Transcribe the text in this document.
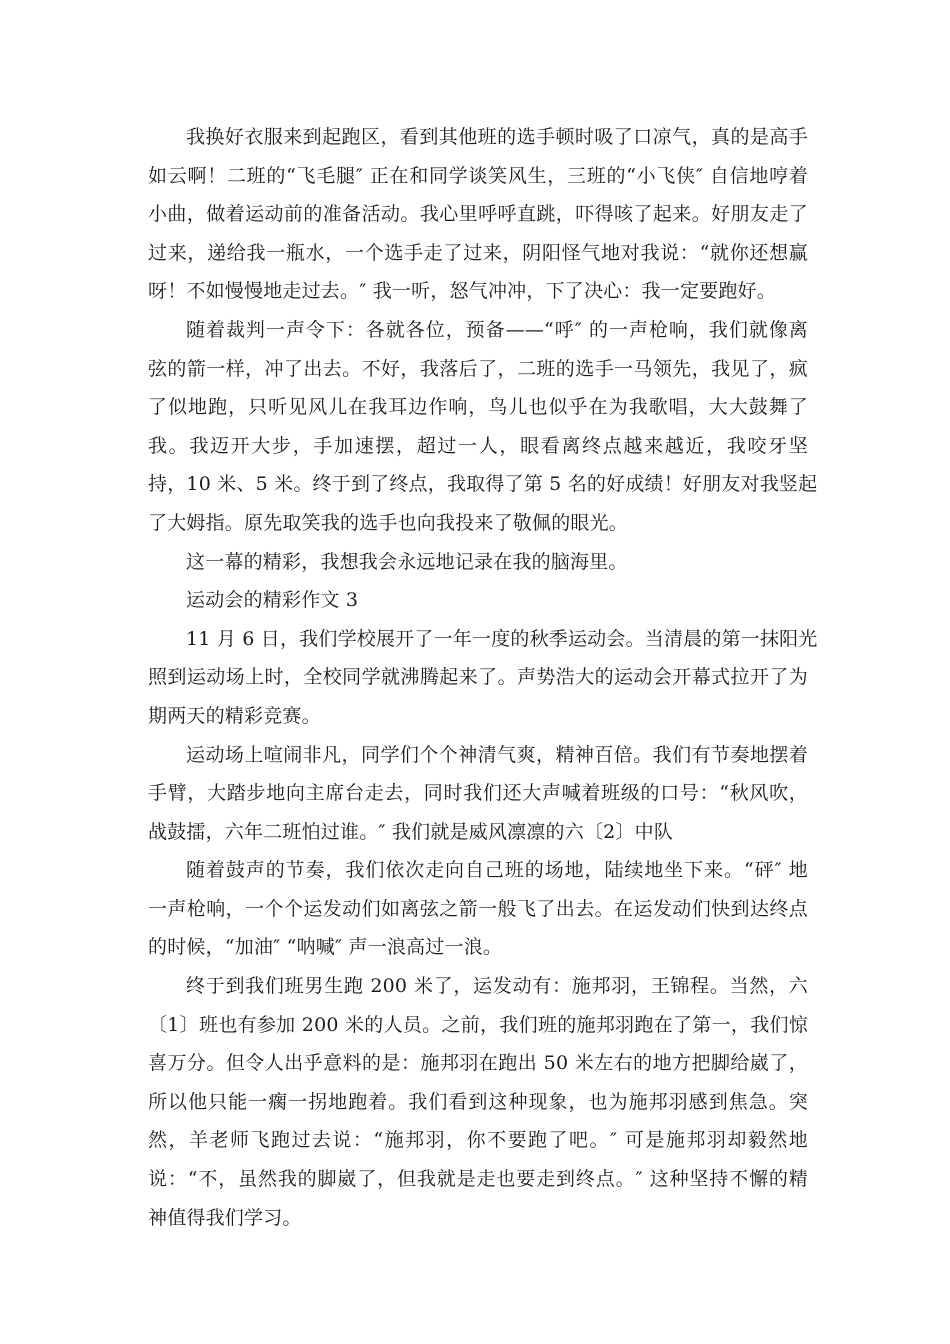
我换好衣服来到起跑区，看到其他班的选手顿时吸了口凉气，真的是高手
如云啊！二班的“飞毛腿″ 正在和同学谈笑风生，三班的“小飞侠″ 自信地哼着
小曲，做着运动前的准备活动。我心里呼呼直跳，吓得咳了起来。好朋友走了
过来，递给我一瓶水，一个选手走了过来，阴阳怪气地对我说：“就你还想赢
呀！不如慢慢地走过去。″ 我一听，怒气冲冲，下了决心：我一定要跑好。
随着裁判一声令下：各就各位，预备——“呼″ 的一声枪响，我们就像离
弦的箭一样，冲了出去。不好，我落后了，二班的选手一马领先，我见了，疯
了似地跑，只听见风儿在我耳边作响，鸟儿也似乎在为我歌唱，大大鼓舞了
我。我迈开大步，手加速摆，超过一人，眼看离终点越来越近，我咬牙坚
持，10 米、5 米。终于到了终点，我取得了第 5 名的好成绩！好朋友对我竖起
了大姆指。原先取笑我的选手也向我投来了敬佩的眼光。
这一幕的精彩，我想我会永远地记录在我的脑海里。
运动会的精彩作文 3
11 月 6 日，我们学校展开了一年一度的秋季运动会。当清晨的第一抹阳光
照到运动场上时，全校同学就沸腾起来了。声势浩大的运动会开幕式拉开了为
期两天的精彩竞赛。
运动场上喧闹非凡，同学们个个神清气爽，精神百倍。我们有节奏地摆着
手臂，大踏步地向主席台走去，同时我们还大声喊着班级的口号：“秋风吹，
战鼓擂，六年二班怕过谁。″ 我们就是威风凛凛的六〔2〕中队
随着鼓声的节奏，我们依次走向自己班的场地，陆续地坐下来。“砰″ 地
一声枪响，一个个运发动们如离弦之箭一般飞了出去。在运发动们快到达终点
的时候，“加油″ “呐喊″ 声一浪高过一浪。
终于到我们班男生跑 200 米了，运发动有：施邦羽，王锦程。当然，六
〔1〕班也有参加 200 米的人员。之前，我们班的施邦羽跑在了第一，我们惊
喜万分。但令人出乎意料的是：施邦羽在跑出 50 米左右的地方把脚给崴了，
所以他只能一瘸一拐地跑着。我们看到这种现象，也为施邦羽感到焦急。突
然，羊老师飞跑过去说：“施邦羽，你不要跑了吧。″ 可是施邦羽却毅然地
说：“不，虽然我的脚崴了，但我就是走也要走到终点。″ 这种坚持不懈的精
神值得我们学习。
